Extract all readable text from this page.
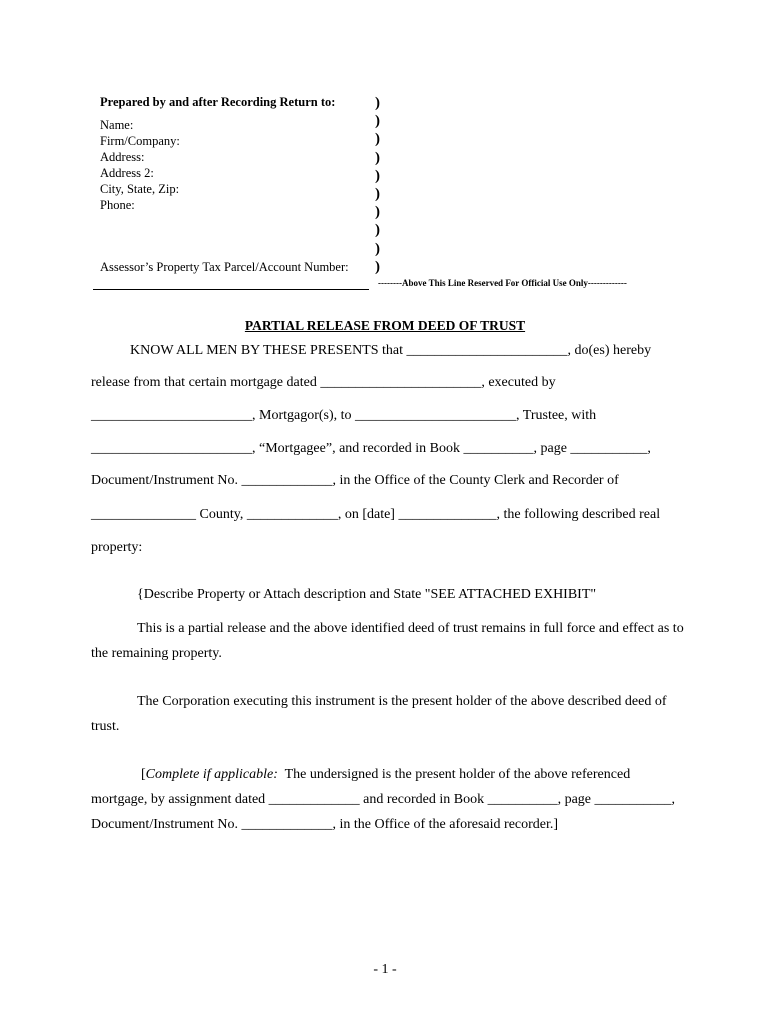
Prepared by and after Recording Return to:
Name:
Firm/Company:
Address:
Address 2:
City, State, Zip:
Phone:
Assessor’s Property Tax Parcel/Account Number:
)
)
)
)
)
)
)
)
)
)
--------Above This Line Reserved For Official Use Only-------------
PARTIAL RELEASE FROM DEED OF TRUST
KNOW ALL MEN BY THESE PRESENTS that _______________________, do(es) hereby
release from that certain mortgage dated _______________________, executed by
_______________________, Mortgagor(s), to _______________________, Trustee, with
_______________________, “Mortgagee”, and recorded in Book __________, page ___________,
Document/Instrument No. _____________, in the Office of the County Clerk and Recorder of
_______________ County, _____________, on [date] ______________, the following described real
property:
{Describe Property or Attach description and State "SEE ATTACHED EXHIBIT"
This is a partial release and the above identified deed of trust remains in full force and effect as to
the remaining property.
The Corporation executing this instrument is the present holder of the above described deed of
trust.
[Complete if applicable:  The undersigned is the present holder of the above referenced
mortgage, by assignment dated _____________ and recorded in Book __________, page ___________,
Document/Instrument No. _____________, in the Office of the aforesaid recorder.]
- 1 -
